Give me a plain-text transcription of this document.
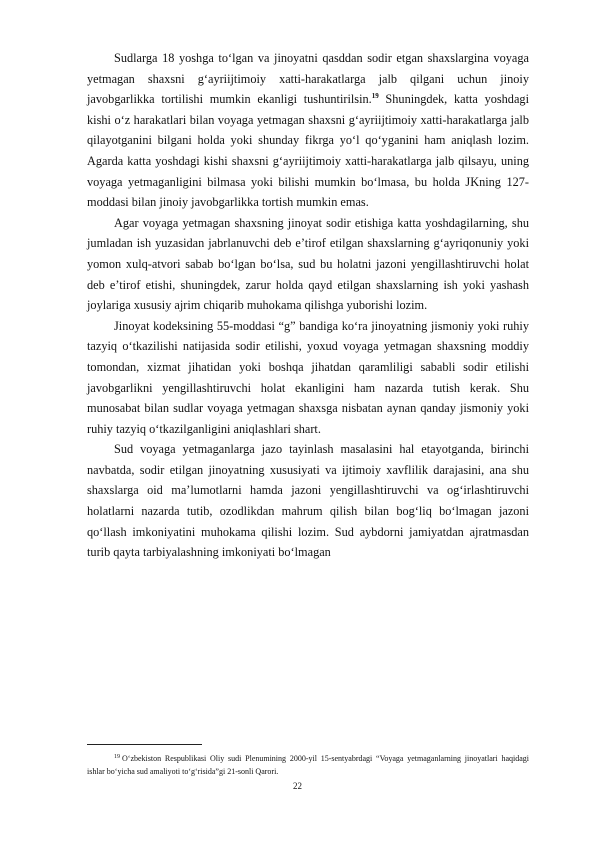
Sudlarga 18 yoshga to‘lgan va jinoyatni qasddan sodir etgan shaxslargina voyaga yetmagan shaxsni g‘ayriijtimoiy xatti-harakatlarga jalb qilgani uchun jinoiy javobgarlikka tortilishi mumkin ekanligi tushuntirilsin.$^{19}$ Shuningdek, katta yoshdagi kishi o‘z harakatlari bilan voyaga yetmagan shaxsni g‘ayriijtimoiy xatti-harakatlarga jalb qilayotganini bilgani holda yoki shunday fikrga yo‘l qo‘yganini ham aniqlash lozim. Agarda katta yoshdagi kishi shaxsni g‘ayriijtimoiy xatti-harakatlarga jalb qilsayu, uning voyaga yetmaganligini bilmasa yoki bilishi mumkin bo‘lmasa, bu holda JKning 127-moddasi bilan jinoiy javobgarlikka tortish mumkin emas.

Agar voyaga yetmagan shaxsning jinoyat sodir etishiga katta yoshdagilarning, shu jumladan ish yuzasidan jabrlanuvchi deb e’tirof etilgan shaxslarning g‘ayriqonuniy yoki yomon xulq-atvori sabab bo‘lgan bo‘lsa, sud bu holatni jazoni yengillashtiruvchi holat deb e’tirof etishi, shuningdek, zarur holda qayd etilgan shaxslarning ish yoki yashash joylariga xususiy ajrim chiqarib muhokama qilishga yuborishi lozim.

Jinoyat kodeksining 55-moddasi “g” bandiga ko‘ra jinoyatning jismoniy yoki ruhiy tazyiq o‘tkazilishi natijasida sodir etilishi, yoxud voyaga yetmagan shaxsning moddiy tomondan, xizmat jihatidan yoki boshqa jihatdan qaramliligi sababli sodir etilishi javobgarlikni yengillashtiruvchi holat ekanligini ham nazarda tutish kerak. Shu munosabat bilan sudlar voyaga yetmagan shaxsga nisbatan aynan qanday jismoniy yoki ruhiy tazyiq o‘tkazilganligini aniqlashlari shart.

Sud voyaga yetmaganlarga jazo tayinlash masalasini hal etayotganda, birinchi navbatda, sodir etilgan jinoyatning xususiyati va ijtimoiy xavflilik darajasini, ana shu shaxslarga oid ma’lumotlarni hamda jazoni yengillashtiruvchi va og‘irlashtiruvchi holatlarni nazarda tutib, ozodlikdan mahrum qilish bilan bog‘liq bo‘lmagan jazoni qo‘llash imkoniyatini muhokama qilishi lozim. Sud aybdorni jamiyatdan ajratmasdan turib qayta tarbiyalashning imkoniyati bo‘lmagan

$^{19}$ O‘zbekiston Respublikasi Oliy sudi Plenumining 2000-yil 15-sentyabrdagi “Voyaga yetmaganlarning jinoyatlari haqidagi ishlar bo‘yicha sud amaliyoti to‘g‘risida”gi 21-sonli Qarori.

22
